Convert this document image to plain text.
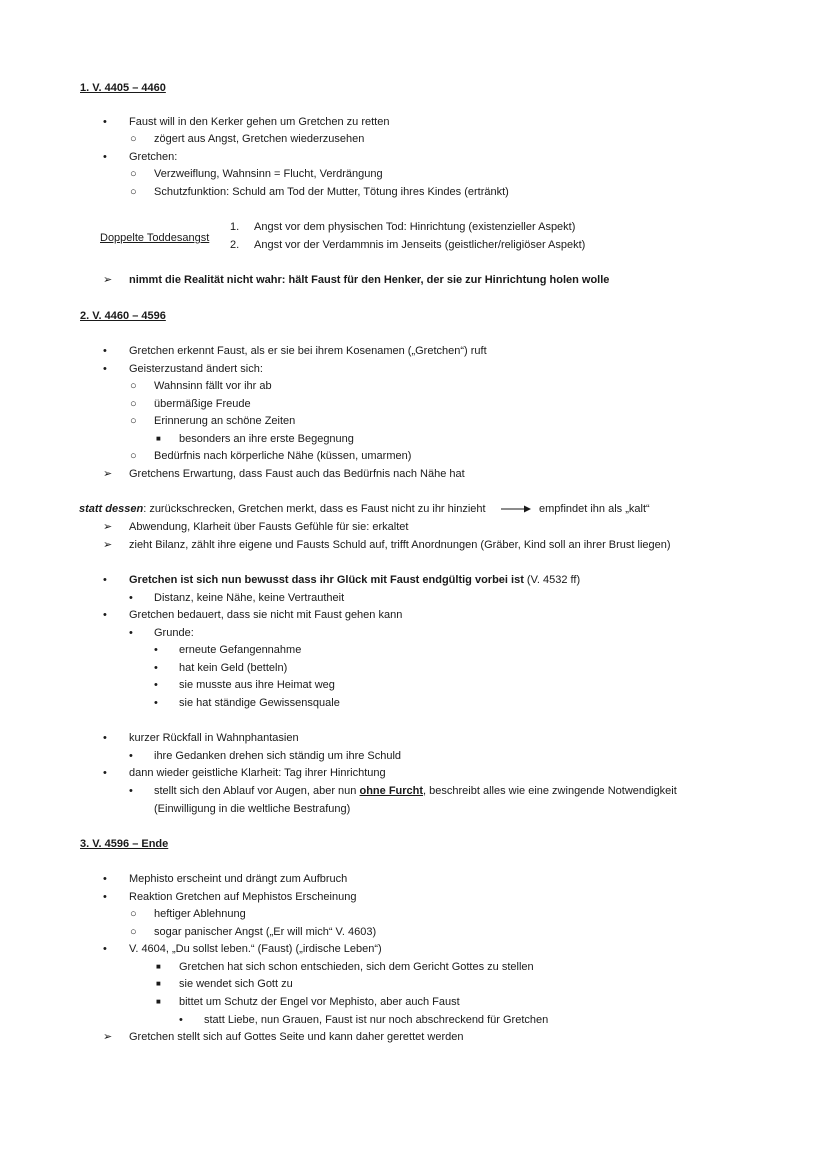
1. V. 4405 – 4460
• Faust will in den Kerker gehen um Gretchen zu retten
○ zögert aus Angst, Gretchen wiederzusehen
• Gretchen:
○ Verzweiflung, Wahnsinn = Flucht, Verdrängung
○ Schutzfunktion: Schuld am Tod der Mutter, Tötung ihres Kindes (ertränkt)
Doppelte Toddesangst
1. Angst vor dem physischen Tod: Hinrichtung (existenzieller Aspekt)
2. Angst vor der Verdammnis im Jenseits (geistlicher/religiöser Aspekt)
➢ nimmt die Realität nicht wahr: hält Faust für den Henker, der sie zur Hinrichtung holen wolle
2. V. 4460 – 4596
• Gretchen erkennt Faust, als er sie bei ihrem Kosenamen („Gretchen“) ruft
• Geisterzustand ändert sich:
○ Wahnsinn fällt vor ihr ab
○ übermäßige Freude
○ Erinnerung an schöne Zeiten
■ besonders an ihre erste Begegnung
○ Bedürfnis nach körperliche Nähe (küssen, umarmen)
➢ Gretchens Erwartung, dass Faust auch das Bedürfnis nach Nähe hat
statt dessen: zurückschrecken, Gretchen merkt, dass es Faust nicht zu ihr hinzieht	empfindet ihn als „kalt“
➢ Abwendung, Klarheit über Fausts Gefühle für sie: erkaltet
➢ zieht Bilanz, zählt ihre eigene und Fausts Schuld auf, trifft Anordnungen (Gräber, Kind soll an ihrer Brust liegen)
• Gretchen ist sich nun bewusst dass ihr Glück mit Faust endgültig vorbei ist (V. 4532 ff)
• Distanz, keine Nähe, keine Vertrautheit
• Gretchen bedauert, dass sie nicht mit Faust gehen kann
• Grunde:
• erneute Gefangennahme
• hat kein Geld (betteln)
• sie musste aus ihre Heimat weg
• sie hat ständige Gewissensquale
• kurzer Rückfall in Wahnphantasien
• ihre Gedanken drehen sich ständig um ihre Schuld
• dann wieder geistliche Klarheit: Tag ihrer Hinrichtung
• stellt sich den Ablauf vor Augen, aber nun ohne Furcht, beschreibt alles wie eine zwingende Notwendigkeit
(Einwilligung in die weltliche Bestrafung)
3. V. 4596 – Ende
• Mephisto erscheint und drängt zum Aufbruch
• Reaktion Gretchen auf Mephistos Erscheinung
○ heftiger Ablehnung
○ sogar panischer Angst („Er will mich“ V. 4603)
• V. 4604, „Du sollst leben.“ (Faust) („irdische Leben“)
■ Gretchen hat sich schon entschieden, sich dem Gericht Gottes zu stellen
■ sie wendet sich Gott zu
■ bittet um Schutz der Engel vor Mephisto, aber auch Faust
• statt Liebe, nun Grauen, Faust ist nur noch abschreckend für Gretchen
➢ Gretchen stellt sich auf Gottes Seite und kann daher gerettet werden
